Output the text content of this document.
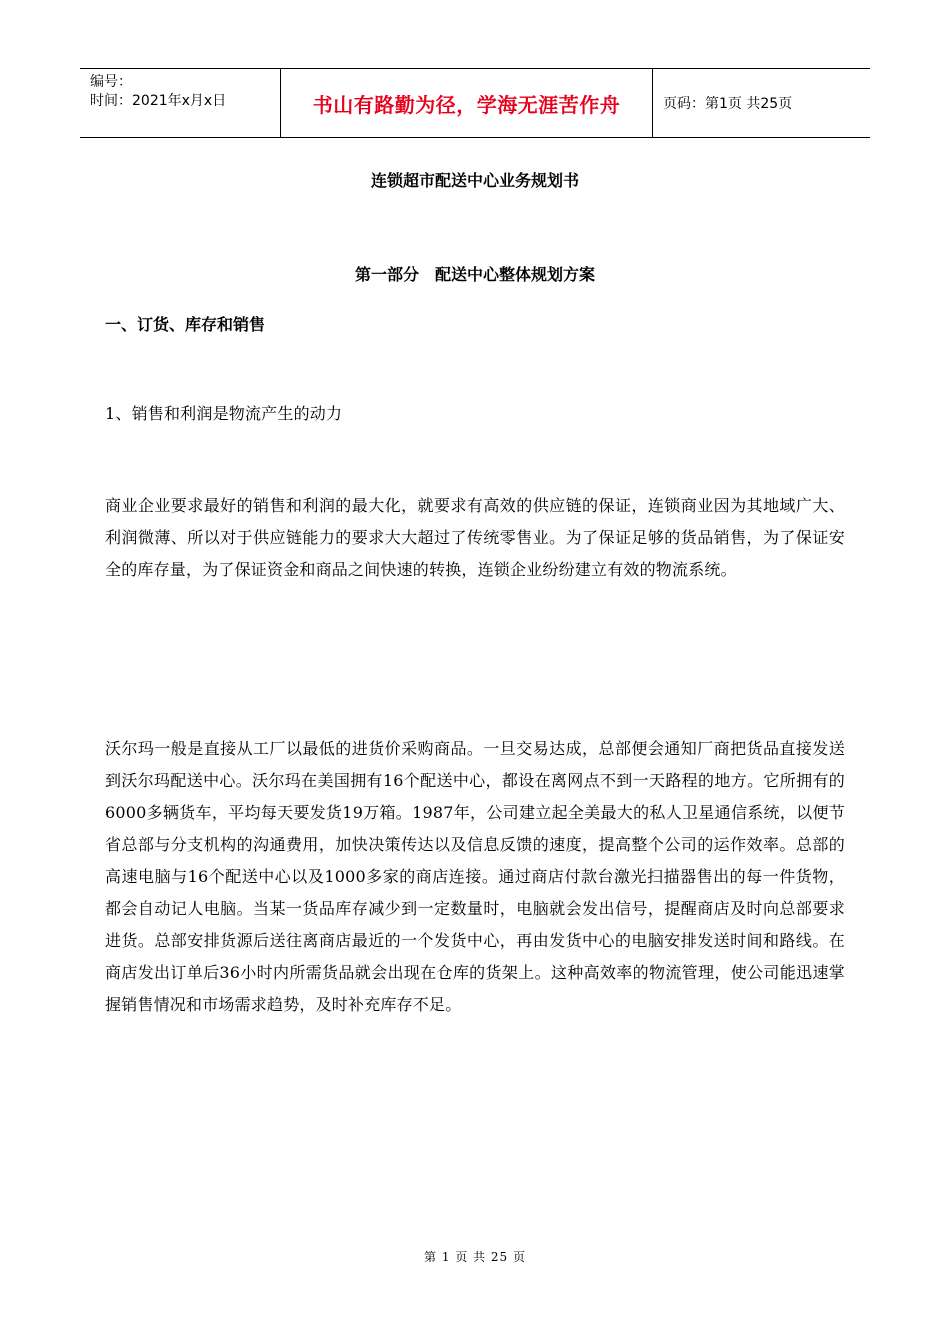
编号：
时间：2021年x月x日	书山有路勤为径，学海无涯苦作舟	页码：第1页 共25页
连锁超市配送中心业务规划书
第一部分　配送中心整体规划方案
一、订货、库存和销售
1、销售和利润是物流产生的动力
商业企业要求最好的销售和利润的最大化，就要求有高效的供应链的保证，连锁商业因为其地域广大、利润微薄、所以对于供应链能力的要求大大超过了传统零售业。为了保证足够的货品销售，为了保证安全的库存量，为了保证资金和商品之间快速的转换，连锁企业纷纷建立有效的物流系统。
沃尔玛一般是直接从工厂以最低的进货价采购商品。一旦交易达成，总部便会通知厂商把货品直接发送到沃尔玛配送中心。沃尔玛在美国拥有16个配送中心，都设在离网点不到一天路程的地方。它所拥有的6000多辆货车，平均每天要发货19万箱。1987年，公司建立起全美最大的私人卫星通信系统，以便节省总部与分支机构的沟通费用，加快决策传达以及信息反馈的速度，提高整个公司的运作效率。总部的高速电脑与16个配送中心以及1000多家的商店连接。通过商店付款台激光扫描器售出的每一件货物，都会自动记人电脑。当某一货品库存减少到一定数量时，电脑就会发出信号，提醒商店及时向总部要求进货。总部安排货源后送往离商店最近的一个发货中心，再由发货中心的电脑安排发送时间和路线。在商店发出订单后36小时内所需货品就会出现在仓库的货架上。这种高效率的物流管理，使公司能迅速掌握销售情况和市场需求趋势，及时补充库存不足。
第 1 页 共 25 页
